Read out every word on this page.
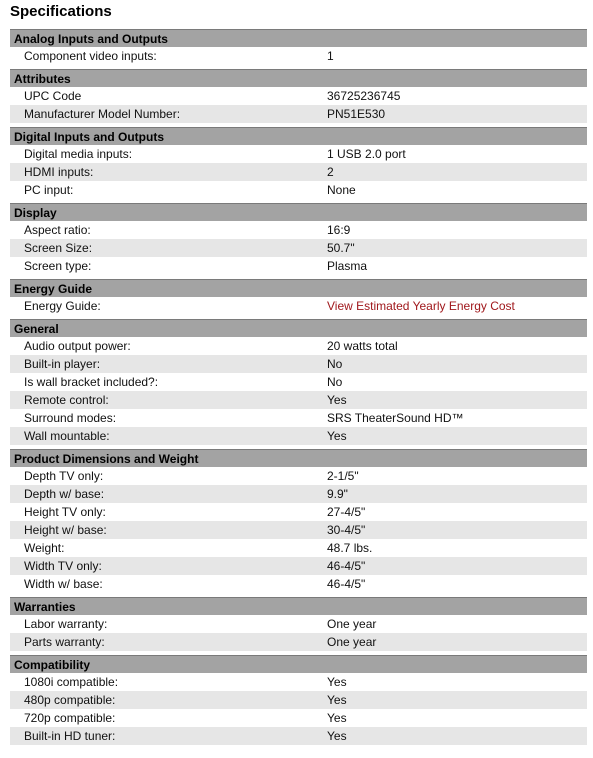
Specifications
Analog Inputs and Outputs
Component video inputs:	1
Attributes
UPC Code	36725236745
Manufacturer Model Number:	PN51E530
Digital Inputs and Outputs
Digital media inputs:	1 USB 2.0 port
HDMI inputs:	2
PC input:	None
Display
Aspect ratio:	16:9
Screen Size:	50.7"
Screen type:	Plasma
Energy Guide
Energy Guide:	View Estimated Yearly Energy Cost
General
Audio output power:	20 watts total
Built-in player:	No
Is wall bracket included?:	No
Remote control:	Yes
Surround modes:	SRS TheaterSound HD™
Wall mountable:	Yes
Product Dimensions and Weight
Depth TV only:	2-1/5"
Depth w/ base:	9.9"
Height TV only:	27-4/5"
Height w/ base:	30-4/5"
Weight:	48.7 lbs.
Width TV only:	46-4/5"
Width w/ base:	46-4/5"
Warranties
Labor warranty:	One year
Parts warranty:	One year
Compatibility
1080i compatible:	Yes
480p compatible:	Yes
720p compatible:	Yes
Built-in HD tuner:	Yes
